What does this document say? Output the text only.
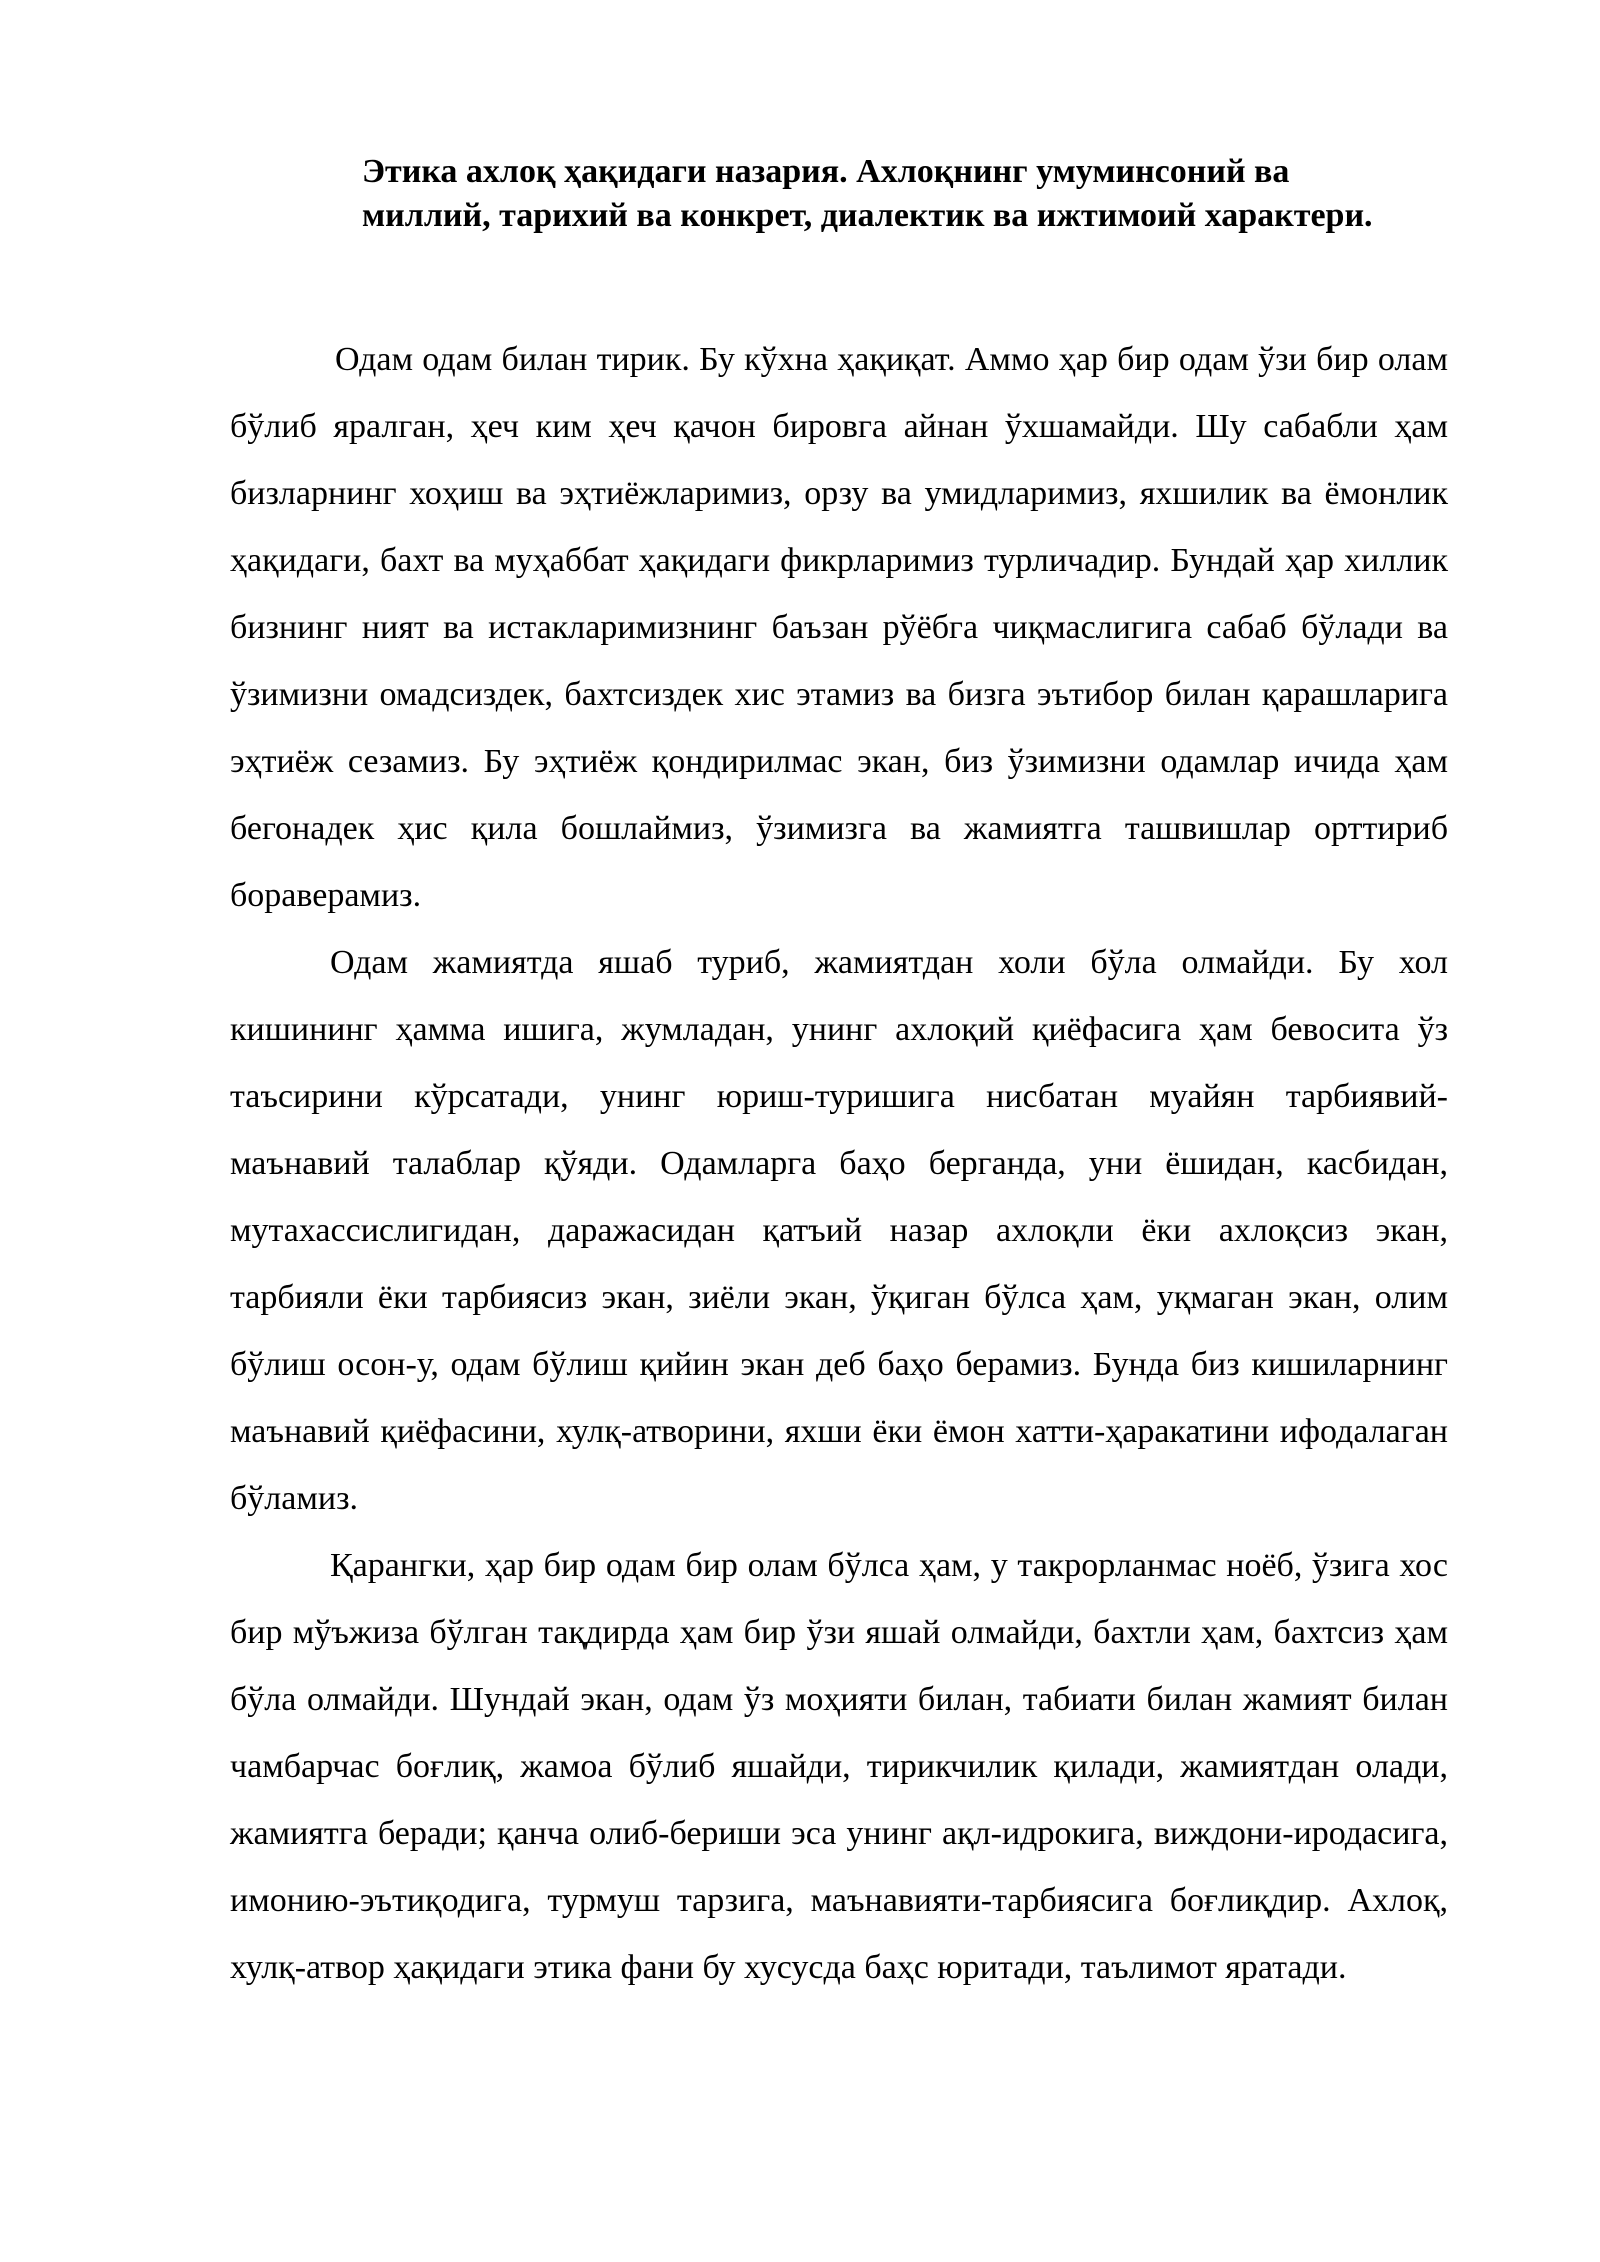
Этика ахлоқ ҳақидаги назария. Ахлоқнинг умуминсоний ва
миллий, тарихий ва конкрет, диалектик ва ижтимоий характери.

Одам одам билан тирик. Бу кўхна ҳақиқат. Аммо ҳар бир одам ўзи бир олам бўлиб яралган, ҳеч ким ҳеч қачон бировга айнан ўхшамайди. Шу сабабли ҳам бизларнинг хоҳиш ва эҳтиёжларимиз, орзу ва умидларимиз, яхшилик ва ёмонлик ҳақидаги, бахт ва муҳаббат ҳақидаги фикрларимиз турличадир. Бундай ҳар хиллик бизнинг ният ва истакларимизнинг баъзан рўёбга чиқмаслигига сабаб бўлади ва ўзимизни омадсиздек, бахтсиздек хис этамиз ва бизга эътибор билан қарашларига эҳтиёж сезамиз. Бу эҳтиёж қондирилмас экан, биз ўзимизни одамлар ичида ҳам бегонадек ҳис қила бошлаймиз, ўзимизга ва жамиятга ташвишлар орттириб бораверамиз.

Одам жамиятда яшаб туриб, жамиятдан холи бўла олмайди. Бу хол кишининг ҳамма ишига, жумладан, унинг ахлоқий қиёфасига ҳам бевосита ўз таъсирини кўрсатади, унинг юриш-туришига нисбатан муайян тарбиявий-маънавий талаблар қўяди. Одамларга баҳо берганда, уни ёшидан, касбидан, мутахассислигидан, даражасидан қатъий назар ахлоқли ёки ахлоқсиз экан, тарбияли ёки тарбиясиз экан, зиёли экан, ўқиган бўлса ҳам, уқмаган экан, олим бўлиш осон-у, одам бўлиш қийин экан деб баҳо берамиз. Бунда биз кишиларнинг маънавий қиёфасини, хулқ-атворини, яхши ёки ёмон хатти-ҳаракатини ифодалаган бўламиз.

Қарангки, ҳар бир одам бир олам бўлса ҳам, у такрорланмас ноёб, ўзига хос бир мўъжиза бўлган тақдирда ҳам бир ўзи яшай олмайди, бахтли ҳам, бахтсиз ҳам бўла олмайди. Шундай экан, одам ўз моҳияти билан, табиати билан жамият билан чамбарчас боғлиқ, жамоа бўлиб яшайди, тирикчилик қилади, жамиятдан олади, жамиятга беради; қанча олиб-бериши эса унинг ақл-идрокига, виждони-иродасига, имонию-эътиқодига, турмуш тарзига, маънавияти-тарбиясига боғлиқдир. Ахлоқ, хулқ-атвор ҳақидаги этика фани бу хусусда баҳс юритади, таълимот яратади.
